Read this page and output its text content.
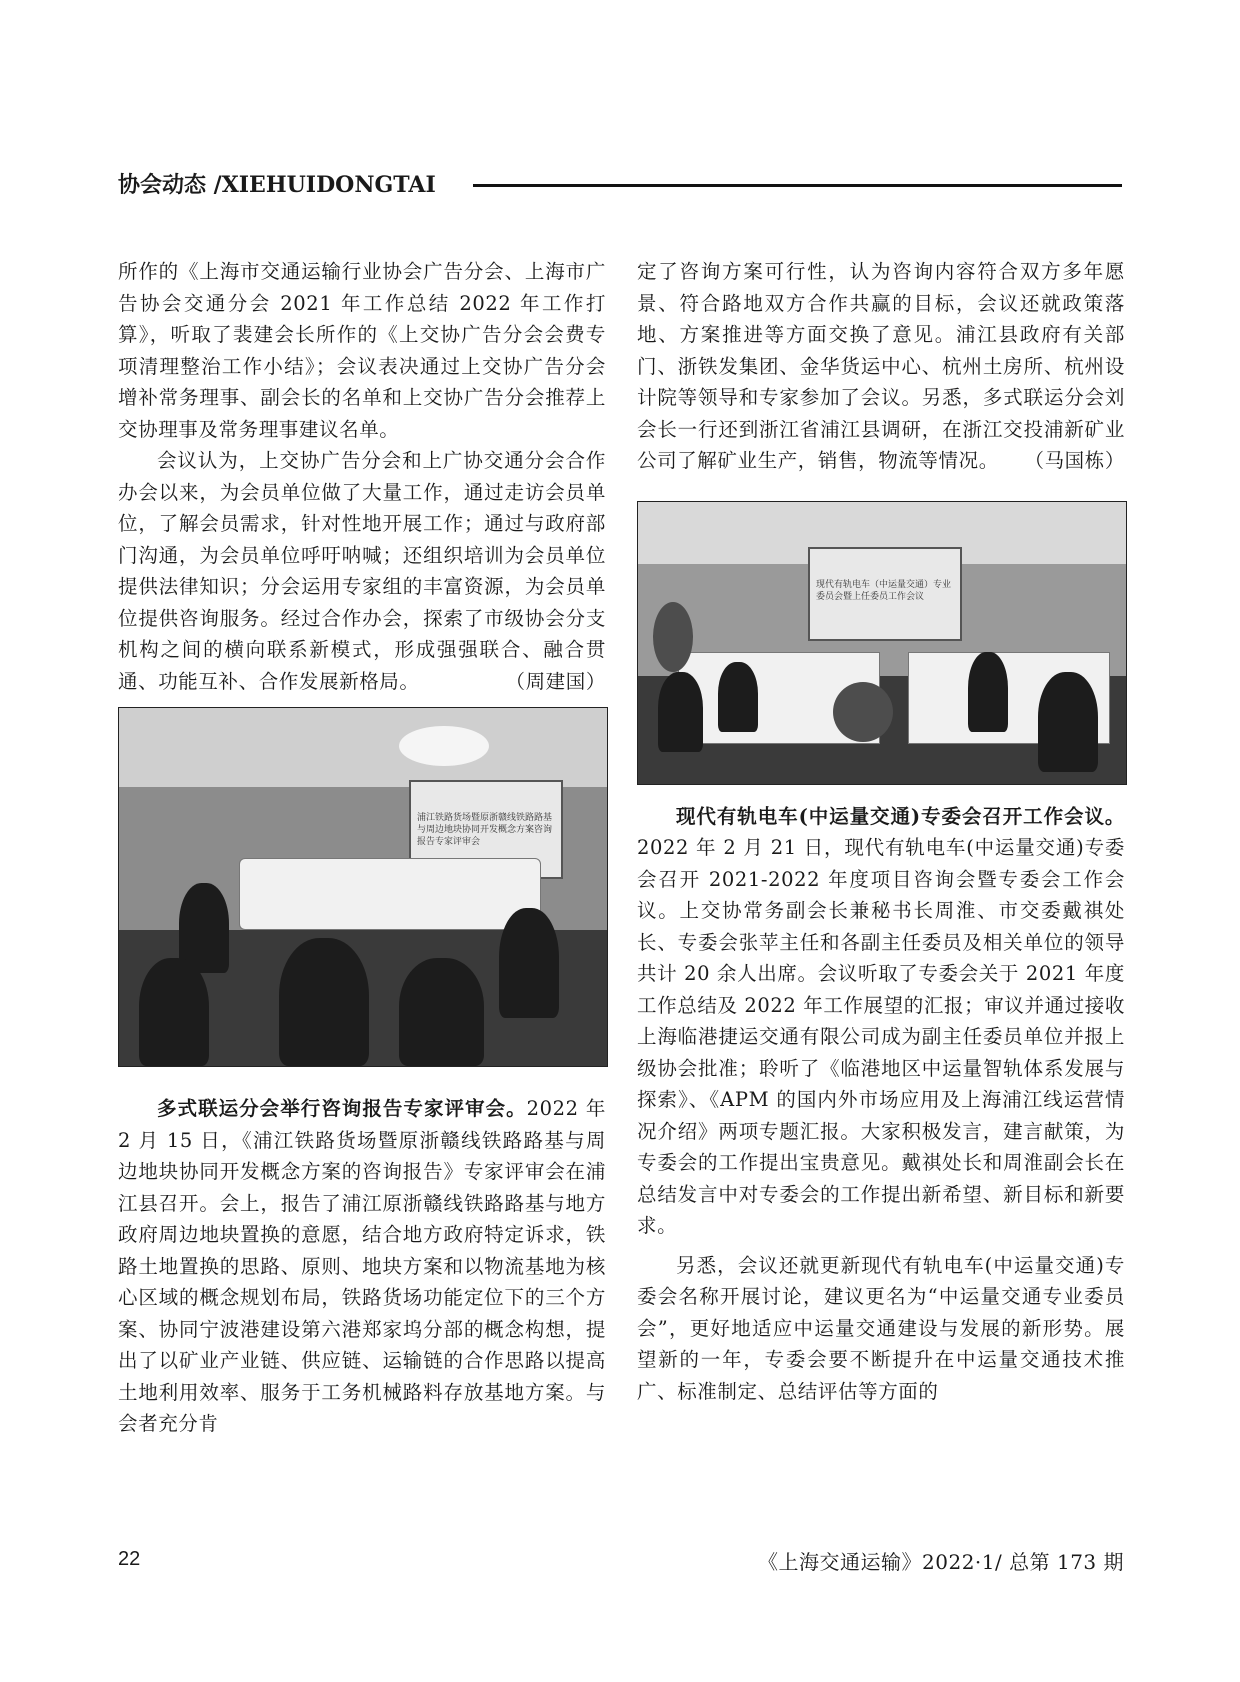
协会动态 /XIEHUIDONGTAI

所作的《上海市交通运输行业协会广告分会、上海市广告协会交通分会 2021 年工作总结 2022 年工作打算》，听取了裴建会长所作的《上交协广告分会会费专项清理整治工作小结》；会议表决通过上交协广告分会增补常务理事、副会长的名单和上交协广告分会推荐上交协理事及常务理事建议名单。

会议认为，上交协广告分会和上广协交通分会合作办会以来，为会员单位做了大量工作，通过走访会员单位，了解会员需求，针对性地开展工作；通过与政府部门沟通，为会员单位呼吁呐喊；还组织培训为会员单位提供法律知识；分会运用专家组的丰富资源，为会员单位提供咨询服务。经过合作办会，探索了市级协会分支机构之间的横向联系新模式，形成强强联合、融合贯通、功能互补、合作发展新格局。	（周建国）

浦江铁路货场暨原浙赣线铁路路基与周边地块协同开发概念方案咨询报告专家评审会

多式联运分会举行咨询报告专家评审会。2022 年 2 月 15 日，《浦江铁路货场暨原浙赣线铁路路基与周边地块协同开发概念方案的咨询报告》专家评审会在浦江县召开。会上，报告了浦江原浙赣线铁路路基与地方政府周边地块置换的意愿，结合地方政府特定诉求，铁路土地置换的思路、原则、地块方案和以物流基地为核心区域的概念规划布局，铁路货场功能定位下的三个方案、协同宁波港建设第六港郑家坞分部的概念构想，提出了以矿业产业链、供应链、运输链的合作思路以提高土地利用效率、服务于工务机械路料存放基地方案。与会者充分肯

定了咨询方案可行性，认为咨询内容符合双方多年愿景、符合路地双方合作共赢的目标，会议还就政策落地、方案推进等方面交换了意见。浦江县政府有关部门、浙铁发集团、金华货运中心、杭州土房所、杭州设计院等领导和专家参加了会议。另悉，多式联运分会刘会长一行还到浙江省浦江县调研，在浙江交投浦新矿业公司了解矿业生产，销售，物流等情况。 （马国栋）

现代有轨电车（中运量交通）专业委员会暨上任委员工作会议

现代有轨电车(中运量交通)专委会召开工作会议。2022 年 2 月 21 日，现代有轨电车(中运量交通)专委会召开 2021-2022 年度项目咨询会暨专委会工作会议。上交协常务副会长兼秘书长周淮、市交委戴祺处长、专委会张苹主任和各副主任委员及相关单位的领导共计 20 余人出席。会议听取了专委会关于 2021 年度工作总结及 2022 年工作展望的汇报；审议并通过接收上海临港捷运交通有限公司成为副主任委员单位并报上级协会批准；聆听了《临港地区中运量智轨体系发展与探索》、《APM 的国内外市场应用及上海浦江线运营情况介绍》两项专题汇报。大家积极发言，建言献策，为专委会的工作提出宝贵意见。戴祺处长和周淮副会长在总结发言中对专委会的工作提出新希望、新目标和新要求。

另悉，会议还就更新现代有轨电车(中运量交通)专委会名称开展讨论，建议更名为“中运量交通专业委员会”，更好地适应中运量交通建设与发展的新形势。展望新的一年，专委会要不断提升在中运量交通技术推广、标准制定、总结评估等方面的

22	《上海交通运输》2022·1/ 总第 173 期
